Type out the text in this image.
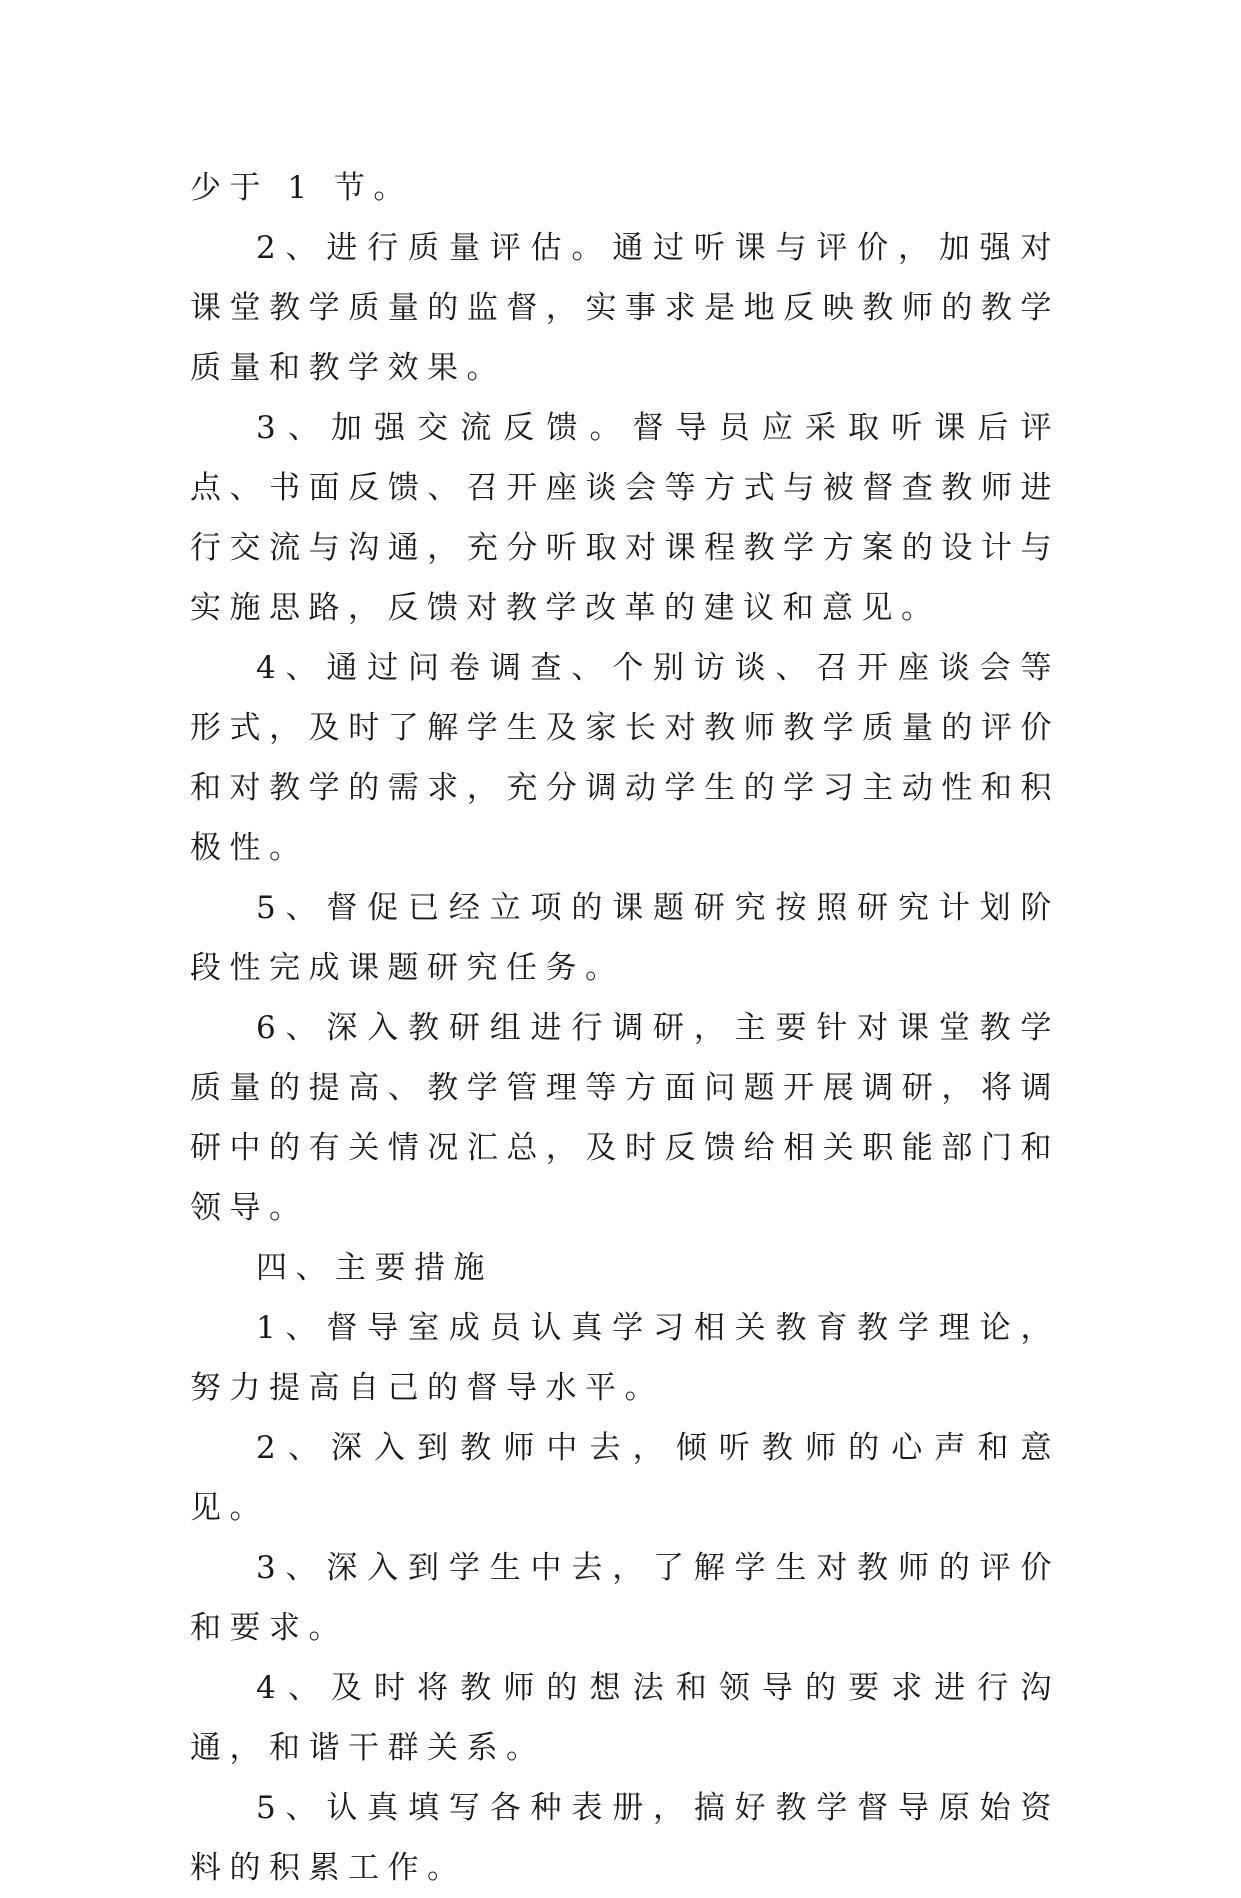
少于 1 节。

2、进行质量评估。通过听课与评价，加强对课堂教学质量的监督，实事求是地反映教师的教学质量和教学效果。

3、加强交流反馈。督导员应采取听课后评点、书面反馈、召开座谈会等方式与被督查教师进行交流与沟通，充分听取对课程教学方案的设计与实施思路，反馈对教学改革的建议和意见。

4、通过问卷调查、个别访谈、召开座谈会等形式，及时了解学生及家长对教师教学质量的评价和对教学的需求，充分调动学生的学习主动性和积极性。

5、督促已经立项的课题研究按照研究计划阶段性完成课题研究任务。

6、深入教研组进行调研，主要针对课堂教学质量的提高、教学管理等方面问题开展调研，将调研中的有关情况汇总，及时反馈给相关职能部门和领导。

四、主要措施

1、督导室成员认真学习相关教育教学理论，努力提高自己的督导水平。

2、深入到教师中去，倾听教师的心声和意见。

3、深入到学生中去，了解学生对教师的评价和要求。

4、及时将教师的想法和领导的要求进行沟通，和谐干群关系。

5、认真填写各种表册，搞好教学督导原始资料的积累工作。
